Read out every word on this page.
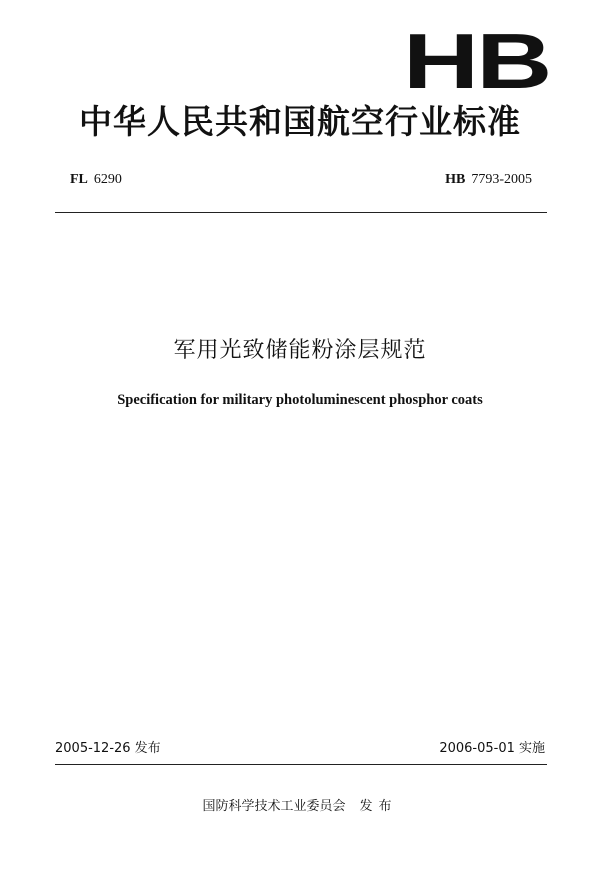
HB
中华人民共和国航空行业标准
FL 6290	HB 7793-2005
军用光致储能粉涂层规范
Specification for military photoluminescent phosphor coats
2005-12-26 发布	2006-05-01 实施
国防科学技术工业委员会 发布
